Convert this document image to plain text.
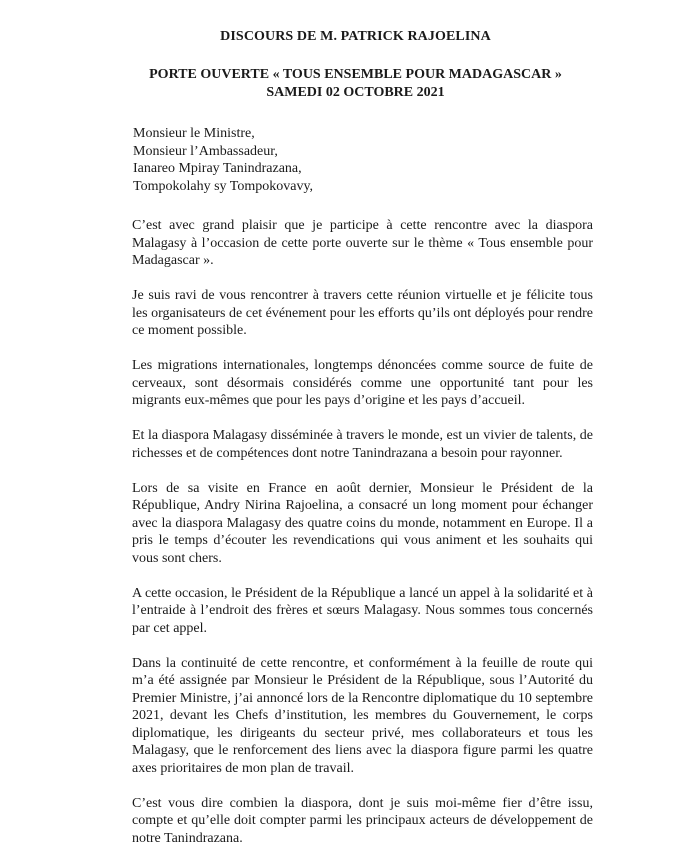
DISCOURS DE M. PATRICK RAJOELINA
PORTE OUVERTE « TOUS ENSEMBLE POUR MADAGASCAR »
SAMEDI 02 OCTOBRE 2021
Monsieur le Ministre,
Monsieur l’Ambassadeur,
Ianareo Mpiray Tanindrazana,
Tompokolahy sy Tompokovavy,

C’est avec grand plaisir que je participe à cette rencontre avec la diaspora Malagasy à l’occasion de cette porte ouverte sur le thème « Tous ensemble pour Madagascar ».

Je suis ravi de vous rencontrer à travers cette réunion virtuelle et je félicite tous les organisateurs de cet événement pour les efforts qu’ils ont déployés pour rendre ce moment possible.

Les migrations internationales, longtemps dénoncées comme source de fuite de cerveaux, sont désormais considérés comme une opportunité tant pour les migrants eux-mêmes que pour les pays d’origine et les pays d’accueil.

Et la diaspora Malagasy disséminée à travers le monde, est un vivier de talents, de richesses et de compétences dont notre Tanindrazana a besoin pour rayonner.

Lors de sa visite en France en août dernier, Monsieur le Président de la République, Andry Nirina Rajoelina, a consacré un long moment pour échanger avec la diaspora Malagasy des quatre coins du monde, notamment en Europe. Il a pris le temps d’écouter les revendications qui vous animent et les souhaits qui vous sont chers.

A cette occasion, le Président de la République a lancé un appel à la solidarité et à l’entraide à l’endroit des frères et sœurs Malagasy. Nous sommes tous concernés par cet appel.

Dans la continuité de cette rencontre, et conformément à la feuille de route qui m’a été assignée par Monsieur le Président de la République, sous l’Autorité du Premier Ministre, j’ai annoncé lors de la Rencontre diplomatique du 10 septembre 2021, devant les Chefs d’institution, les membres du Gouvernement, le corps diplomatique, les dirigeants du secteur privé, mes collaborateurs et tous les Malagasy, que le renforcement des liens avec la diaspora figure parmi les quatre axes prioritaires de mon plan de travail.

C’est vous dire combien la diaspora, dont je suis moi-même fier d’être issu, compte et qu’elle doit compter parmi les principaux acteurs de développement de notre Tanindrazana.
